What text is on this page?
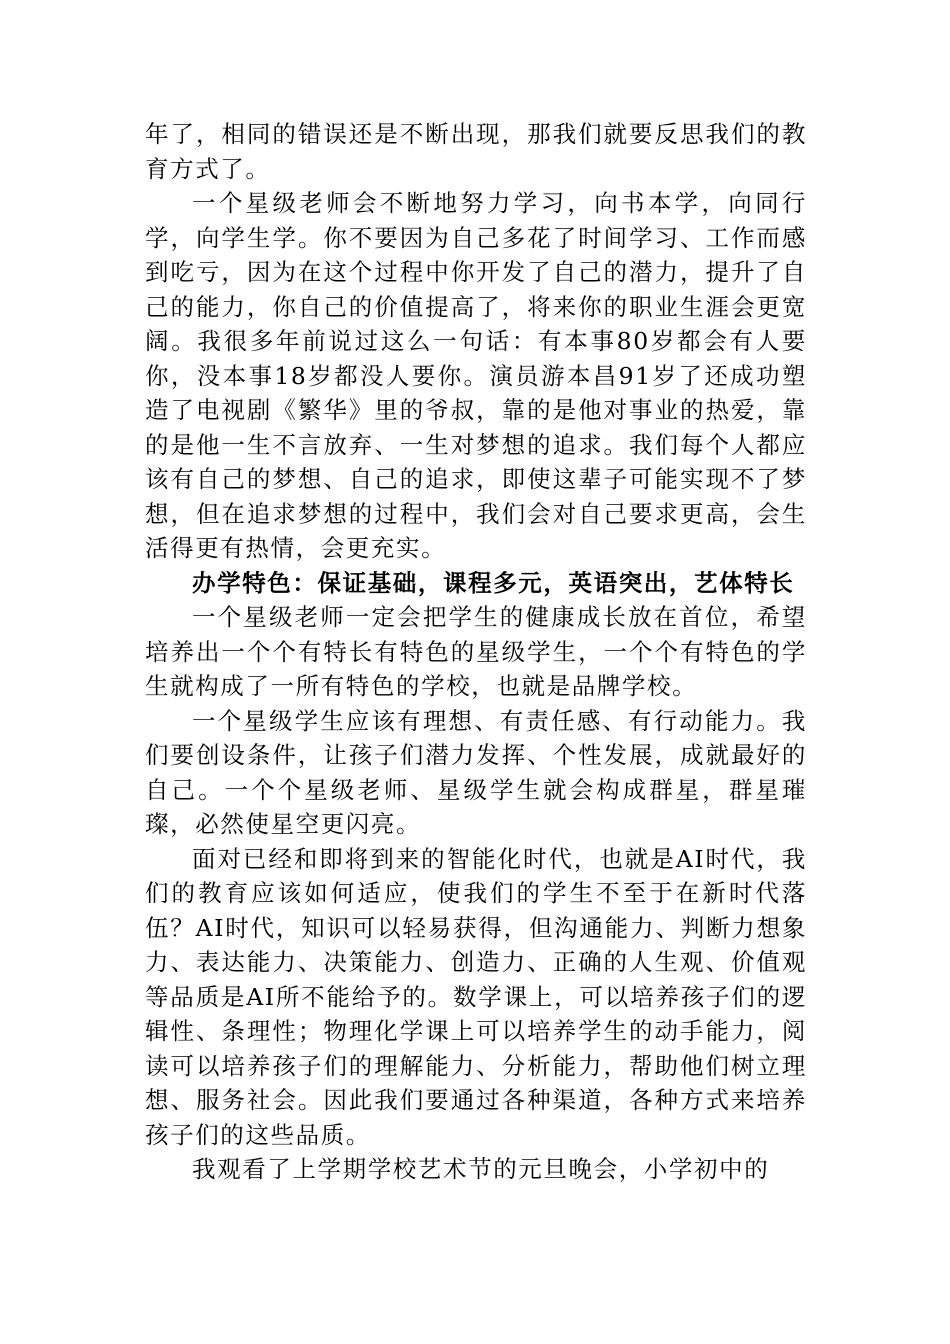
年了，相同的错误还是不断出现，那我们就要反思我们的教育方式了。

一个星级老师会不断地努力学习，向书本学，向同行学，向学生学。你不要因为自己多花了时间学习、工作而感到吃亏，因为在这个过程中你开发了自己的潜力，提升了自己的能力，你自己的价值提高了，将来你的职业生涯会更宽阔。我很多年前说过这么一句话：有本事80岁都会有人要你，没本事18岁都没人要你。演员游本昌91岁了还成功塑造了电视剧《繁华》里的爷叔，靠的是他对事业的热爱，靠的是他一生不言放弃、一生对梦想的追求。我们每个人都应该有自己的梦想、自己的追求，即使这辈子可能实现不了梦想，但在追求梦想的过程中，我们会对自己要求更高，会生活得更有热情，会更充实。

办学特色：保证基础，课程多元，英语突出，艺体特长

一个星级老师一定会把学生的健康成长放在首位，希望培养出一个个有特长有特色的星级学生，一个个有特色的学生就构成了一所有特色的学校，也就是品牌学校。

一个星级学生应该有理想、有责任感、有行动能力。我们要创设条件，让孩子们潜力发挥、个性发展，成就最好的自己。一个个星级老师、星级学生就会构成群星，群星璀璨，必然使星空更闪亮。

面对已经和即将到来的智能化时代，也就是AI时代，我们的教育应该如何适应，使我们的学生不至于在新时代落伍？AI时代，知识可以轻易获得，但沟通能力、判断力想象力、表达能力、决策能力、创造力、正确的人生观、价值观等品质是AI所不能给予的。数学课上，可以培养孩子们的逻辑性、条理性；物理化学课上可以培养学生的动手能力，阅读可以培养孩子们的理解能力、分析能力，帮助他们树立理想、服务社会。因此我们要通过各种渠道，各种方式来培养孩子们的这些品质。

我观看了上学期学校艺术节的元旦晚会，小学初中的
